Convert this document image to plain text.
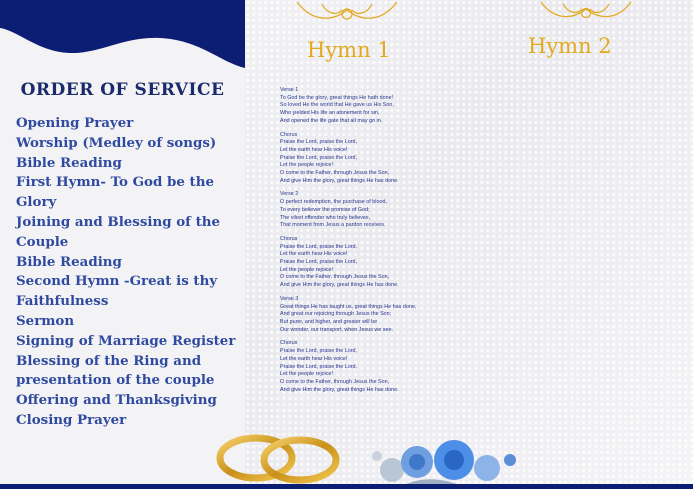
ORDER OF SERVICE
Opening Prayer
Worship (Medley of songs)
Bible Reading
First Hymn- To God be the
Glory
Joining and Blessing of the
Couple
Bible Reading
Second Hymn -Great is thy
Faithfulness
Sermon
Signing of Marriage Register
Blessing of the Ring and
presentation of the couple
Offering and Thanksgiving
Closing Prayer
Hymn 1	Hymn 2
Verse 1
To God be the glory, great things He hath done!
So loved He the world that He gave us His Son,
Who yielded His life an atonement for sin,
And opened the life gate that all may go in.
Chorus
Praise the Lord, praise the Lord,
Let the earth hear His voice!
Praise the Lord, praise the Lord,
Let the people rejoice!
O come to the Father, through Jesus the Son,
And give Him the glory, great things He has done.
Verse 2
O perfect redemption, the purchase of blood,
To every believer the promise of God;
The vilest offender who truly believes,
That moment from Jesus a pardon receives.
Chorus
Praise the Lord, praise the Lord,
Let the earth hear His voice!
Praise the Lord, praise the Lord,
Let the people rejoice!
O come to the Father, through Jesus the Son,
And give Him the glory, great things He has done.
Verse 3
Great things He has taught us, great things He has done,
And great our rejoicing through Jesus the Son;
But purer, and higher, and greater will be
Our wonder, our transport, when Jesus we see.
Chorus
Praise the Lord, praise the Lord,
Let the earth hear His voice!
Praise the Lord, praise the Lord,
Let the people rejoice!
O come to the Father, through Jesus the Son,
And give Him the glory, great things He has done.
